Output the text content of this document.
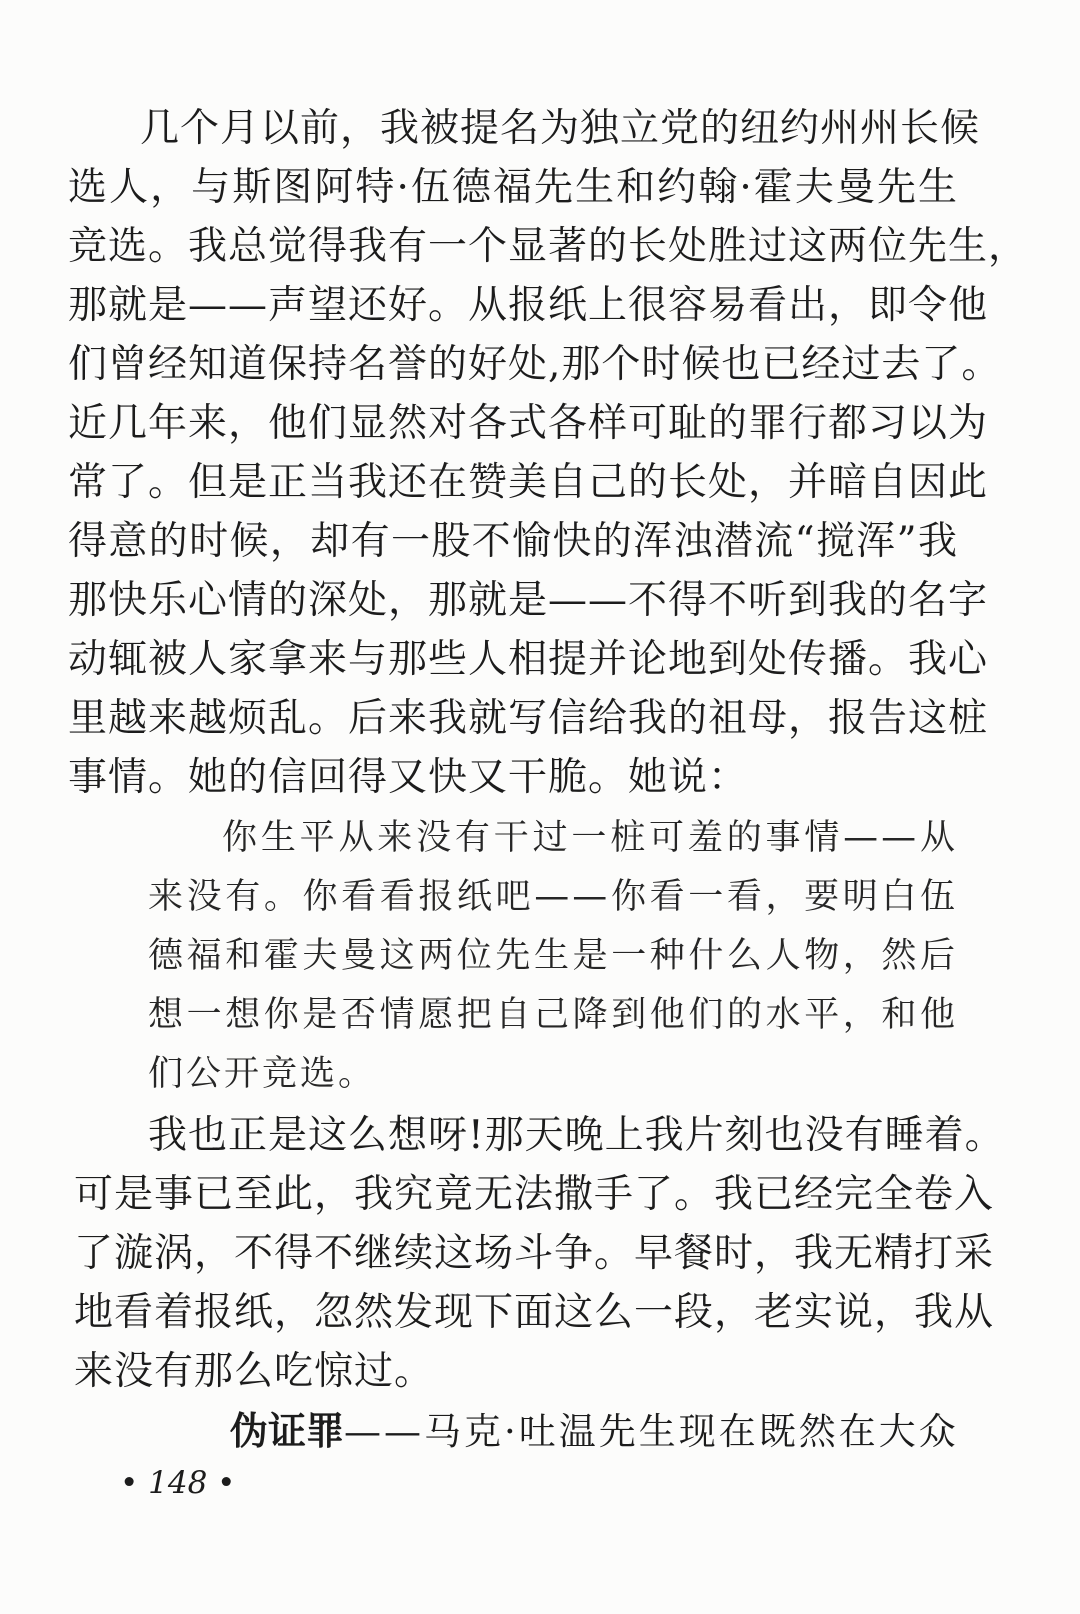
几个月以前，我被提名为独立党的纽约州州长候

选人，与斯图阿特·伍德福先生和约翰·霍夫曼先生

竞选。我总觉得我有一个显著的长处胜过这两位先生，

那就是——声望还好。从报纸上很容易看出，即令他

们曾经知道保持名誉的好处,那个时候也已经过去了。

近几年来，他们显然对各式各样可耻的罪行都习以为

常了。但是正当我还在赞美自己的长处，并暗自因此

得意的时候，却有一股不愉快的浑浊潜流“搅浑”我

那快乐心情的深处，那就是——不得不听到我的名字

动辄被人家拿来与那些人相提并论地到处传播。我心

里越来越烦乱。后来我就写信给我的祖母，报告这桩

事情。她的信回得又快又干脆。她说：

你生平从来没有干过一桩可羞的事情——从

来没有。你看看报纸吧——你看一看，要明白伍

德福和霍夫曼这两位先生是一种什么人物，然后

想一想你是否情愿把自己降到他们的水平，和他

们公开竞选。

我也正是这么想呀!那天晚上我片刻也没有睡着。

可是事已至此，我究竟无法撒手了。我已经完全卷入

了漩涡，不得不继续这场斗争。早餐时，我无精打采

地看着报纸，忽然发现下面这么一段，老实说，我从

来没有那么吃惊过。

伪证罪——马克·吐温先生现在既然在大众
• 148 •
